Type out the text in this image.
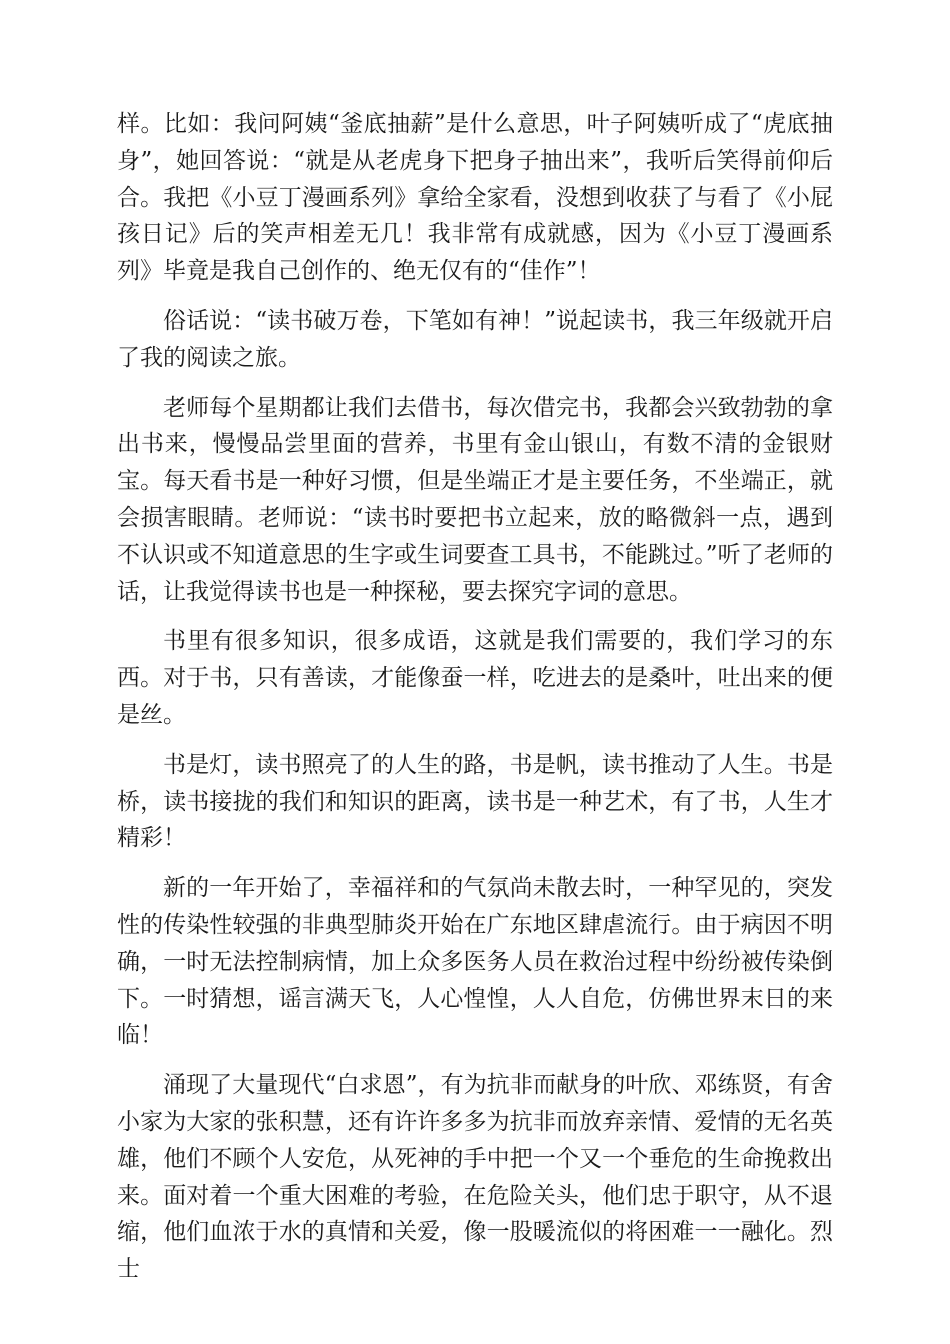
样。比如：我问阿姨“釜底抽薪”是什么意思，叶子阿姨听成了“虎底抽身”，她回答说：“就是从老虎身下把身子抽出来”，我听后笑得前仰后合。我把《小豆丁漫画系列》拿给全家看，没想到收获了与看了《小屁孩日记》后的笑声相差无几！我非常有成就感，因为《小豆丁漫画系列》毕竟是我自己创作的、绝无仅有的“佳作”！

俗话说：“读书破万卷，下笔如有神！”说起读书，我三年级就开启了我的阅读之旅。

老师每个星期都让我们去借书，每次借完书，我都会兴致勃勃的拿出书来，慢慢品尝里面的营养，书里有金山银山，有数不清的金银财宝。每天看书是一种好习惯，但是坐端正才是主要任务，不坐端正，就会损害眼睛。老师说：“读书时要把书立起来，放的略微斜一点，遇到不认识或不知道意思的生字或生词要查工具书，不能跳过。”听了老师的话，让我觉得读书也是一种探秘，要去探究字词的意思。

书里有很多知识，很多成语，这就是我们需要的，我们学习的东西。对于书，只有善读，才能像蚕一样，吃进去的是桑叶，吐出来的便是丝。

书是灯，读书照亮了的人生的路，书是帆，读书推动了人生。书是桥，读书接拢的我们和知识的距离，读书是一种艺术，有了书，人生才精彩！

新的一年开始了，幸福祥和的气氛尚未散去时，一种罕见的，突发性的传染性较强的非典型肺炎开始在广东地区肆虐流行。由于病因不明确，一时无法控制病情，加上众多医务人员在救治过程中纷纷被传染倒下。一时猜想，谣言满天飞，人心惶惶，人人自危，仿佛世界末日的来临！

涌现了大量现代“白求恩”，有为抗非而献身的叶欣、邓练贤，有舍小家为大家的张积慧，还有许许多多为抗非而放弃亲情、爱情的无名英雄，他们不顾个人安危，从死神的手中把一个又一个垂危的生命挽救出来。面对着一个重大困难的考验，在危险关头，他们忠于职守，从不退缩，他们血浓于水的真情和关爱，像一股暖流似的将困难一一融化。烈士
